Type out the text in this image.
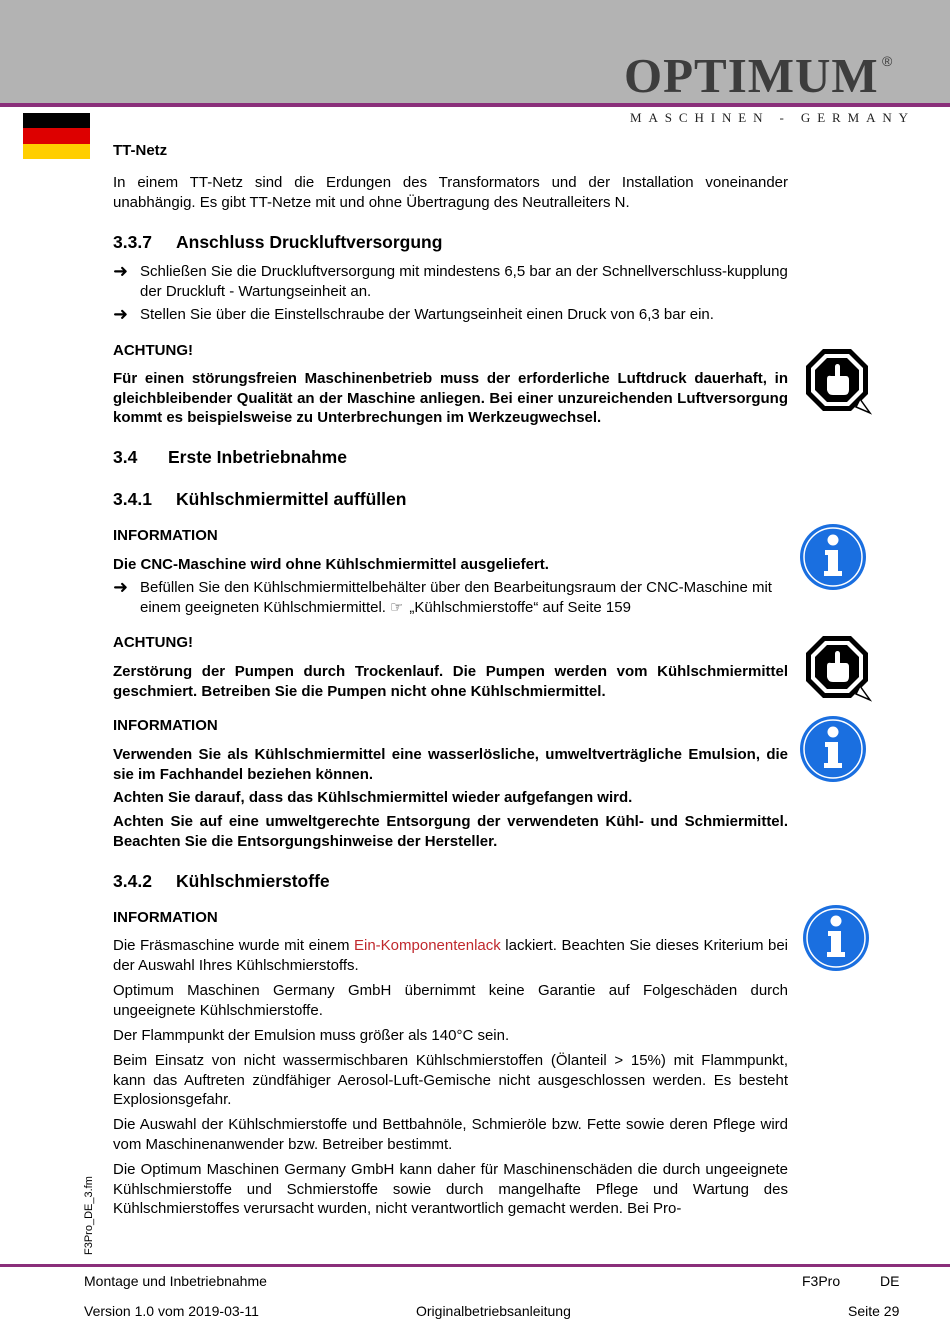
OPTIMUM ®
MASCHINEN - GERMANY
TT-Netz

In einem TT-Netz sind die Erdungen des Transformators und der Installation voneinander unabhängig. Es gibt TT-Netze mit und ohne Übertragung des Neutralleiters N.

3.3.7 Anschluss Druckluftversorgung
➜ Schließen Sie die Druckluftversorgung mit mindestens 6,5 bar an der Schnellverschluss-kupplung der Druckluft - Wartungseinheit an.
➜ Stellen Sie über die Einstellschraube der Wartungseinheit einen Druck von 6,3 bar ein.
ACHTUNG!

Für einen störungsfreien Maschinenbetrieb muss der erforderliche Luftdruck dauerhaft, in gleichbleibender Qualität an der Maschine anliegen. Bei einer unzureichenden Luftversorgung kommt es beispielsweise zu Unterbrechungen im Werkzeugwechsel.

3.4 Erste Inbetriebnahme
3.4.1 Kühlschmiermittel auffüllen
INFORMATION
Die CNC-Maschine wird ohne Kühlschmiermittel ausgeliefert.
➜ Befüllen Sie den Kühlschmiermittelbehälter über den Bearbeitungsraum der CNC-Maschine mit einem geeigneten Kühlschmiermittel. ☞ „Kühlschmierstoffe“ auf Seite 159
ACHTUNG!

Zerstörung der Pumpen durch Trockenlauf. Die Pumpen werden vom Kühlschmiermittel geschmiert. Betreiben Sie die Pumpen nicht ohne Kühlschmiermittel.

INFORMATION

Verwenden Sie als Kühlschmiermittel eine wasserlösliche, umweltverträgliche Emulsion, die sie im Fachhandel beziehen können.

Achten Sie darauf, dass das Kühlschmiermittel wieder aufgefangen wird.

Achten Sie auf eine umweltgerechte Entsorgung der verwendeten Kühl- und Schmiermittel. Beachten Sie die Entsorgungshinweise der Hersteller.

3.4.2 Kühlschmierstoffe
INFORMATION

Die Fräsmaschine wurde mit einem Ein-Komponentenlack lackiert. Beachten Sie dieses Kriterium bei der Auswahl Ihres Kühlschmierstoffs.

Optimum Maschinen Germany GmbH übernimmt keine Garantie auf Folgeschäden durch ungeeignete Kühlschmierstoffe.

Der Flammpunkt der Emulsion muss größer als 140°C sein.

Beim Einsatz von nicht wassermischbaren Kühlschmierstoffen (Ölanteil > 15%) mit Flammpunkt, kann das Auftreten zündfähiger Aerosol-Luft-Gemische nicht ausgeschlossen werden. Es besteht Explosionsgefahr.

Die Auswahl der Kühlschmierstoffe und Bettbahnöle, Schmieröle bzw. Fette sowie deren Pflege wird vom Maschinenanwender bzw. Betreiber bestimmt.

Die Optimum Maschinen Germany GmbH kann daher für Maschinenschäden die durch ungeeignete Kühlschmierstoffe und Schmierstoffe sowie durch mangelhafte Pflege und Wartung des Kühlschmierstoffes verursacht wurden, nicht verantwortlich gemacht werden. Bei Pro-

F3Pro_DE_3.fm
Montage und Inbetriebnahme	F3Pro	DE
Version 1.0 vom 2019-03-11	Originalbetriebsanleitung	Seite 29
